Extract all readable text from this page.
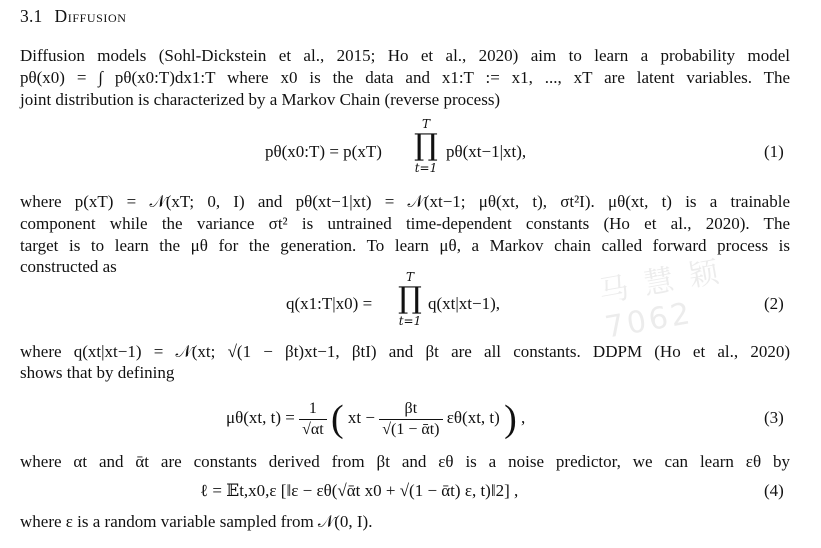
3.1 Diffusion
Diffusion models (Sohl-Dickstein et al., 2015; Ho et al., 2020) aim to learn a probability model
pθ(x0) = ∫ pθ(x0:T)dx1:T where x0 is the data and x1:T := x1, ..., xT are latent variables. The
joint distribution is characterized by a Markov Chain (reverse process)
pθ(x0:T) = p(xT)
T
∏
t=1
pθ(xt−1|xt),	(1)
where p(xT) = 𝒩(xT; 0, I) and pθ(xt−1|xt) = 𝒩(xt−1; μθ(xt, t), σt²I). μθ(xt, t) is a trainable
component while the variance σt² is untrained time-dependent constants (Ho et al., 2020). The
target is to learn the μθ for the generation. To learn μθ, a Markov chain called forward process is
constructed as
q(x1:T|x0) =
T
∏
t=1
q(xt|xt−1),	(2)
where q(xt|xt−1) = 𝒩(xt; √(1 − βt)xt−1, βtI) and βt are all constants. DDPM (Ho et al., 2020)
shows that by defining
μθ(xt, $t) = \frac{1}{√\alpha t}$ ( xt − $\frac{\beta t}{\text{√(1 − ᾱt)}} \varepsilon\theta(xt$, t) ) ,	(3)
where αt and ᾱt are constants derived from βt and εθ is a noise predictor, we can learn εθ by
ℓ = 𝔼t,x0,ε [‖ε − εθ(√ᾱt x0 + √(1 − ᾱt) ε, t)‖2] ,	(4)
where ε is a random variable sampled from 𝒩(0, I).
马 慧 颖 7062
